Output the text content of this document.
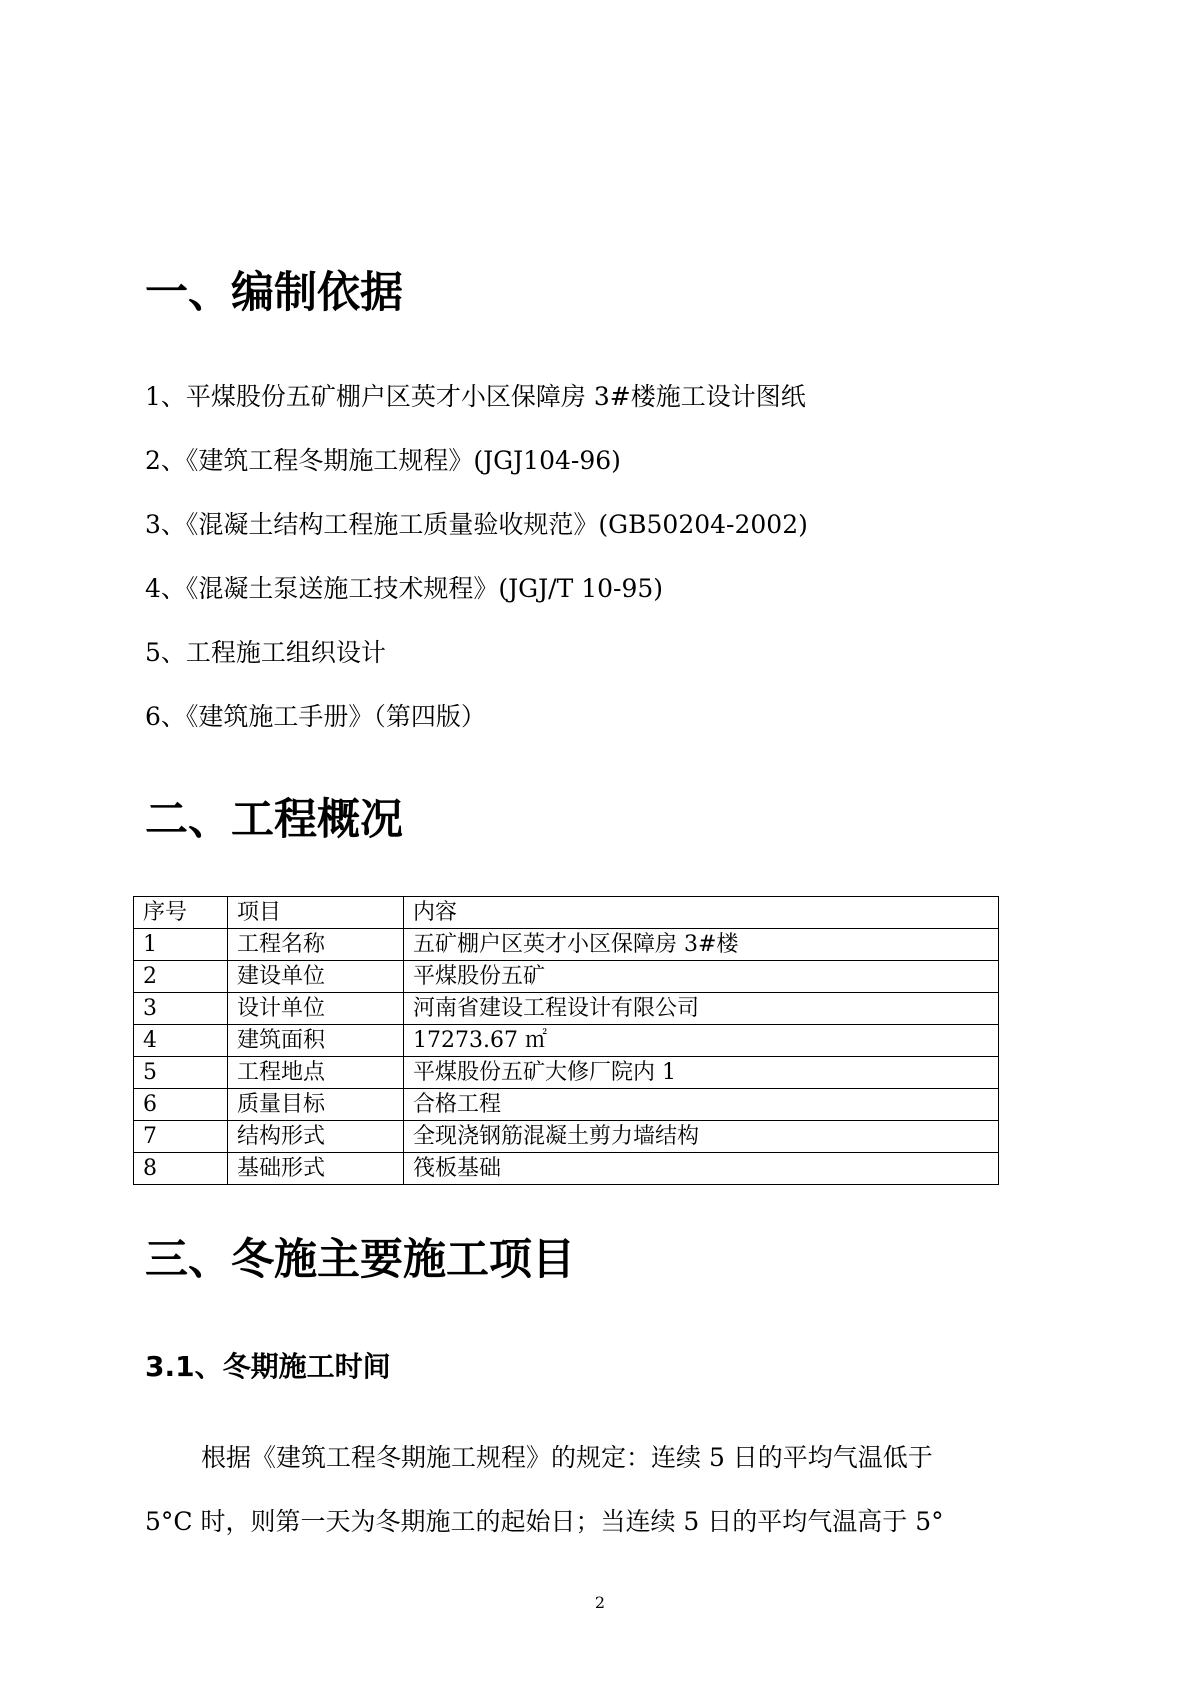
一、编制依据
1、平煤股份五矿棚户区英才小区保障房 3#楼施工设计图纸
2、《建筑工程冬期施工规程》(JGJ104-96)
3、《混凝土结构工程施工质量验收规范》(GB50204-2002)
4、《混凝土泵送施工技术规程》(JGJ/T 10-95)
5、工程施工组织设计
6、《建筑施工手册》（第四版）
二、工程概况
序号	项目	内容
1	工程名称	五矿棚户区英才小区保障房 3#楼
2	建设单位	平煤股份五矿
3	设计单位	河南省建设工程设计有限公司
4	建筑面积	17273.67 ㎡
5	工程地点	平煤股份五矿大修厂院内 1
6	质量目标	合格工程
7	结构形式	全现浇钢筋混凝土剪力墙结构
8	基础形式	筏板基础
三、冬施主要施工项目
3.1、冬期施工时间

根据《建筑工程冬期施工规程》的规定：连续 5 日的平均气温低于

5°C 时，则第一天为冬期施工的起始日；当连续 5 日的平均气温高于 5°

2
